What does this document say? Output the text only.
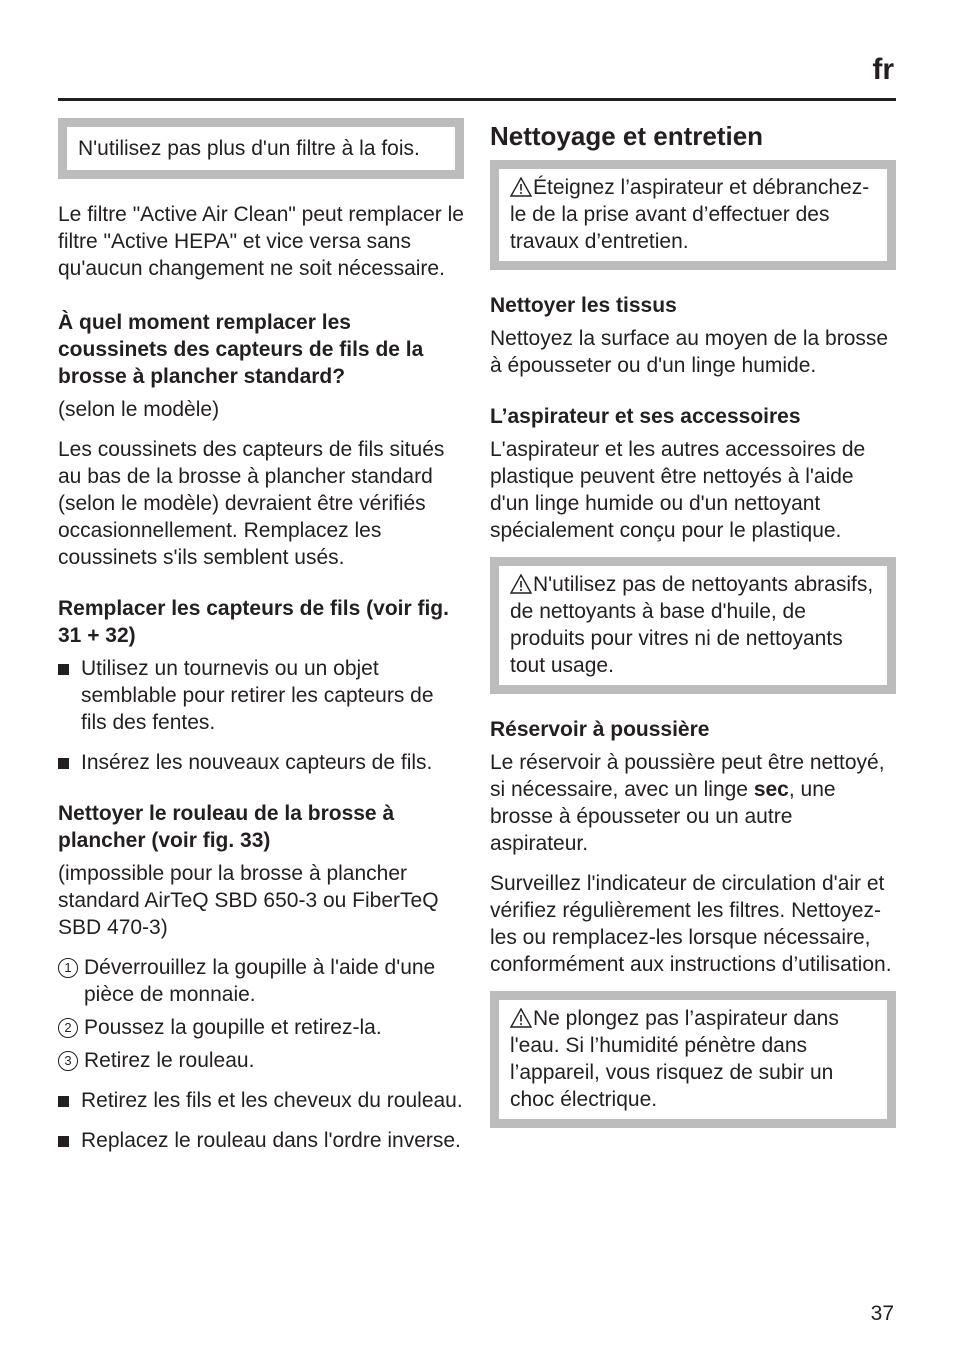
fr

N'utilisez pas plus d'un filtre à la fois.

Le filtre "Active Air Clean" peut remplacer le filtre "Active HEPA" et vice versa sans qu'aucun changement ne soit nécessaire.

À quel moment remplacer les coussinets des capteurs de fils de la brosse à plancher standard?

(selon le modèle)

Les coussinets des capteurs de fils situés au bas de la brosse à plancher standard (selon le modèle) devraient être vérifiés occasionnellement. Remplacez les coussinets s'ils semblent usés.

Remplacer les capteurs de fils (voir fig. 31 + 32)
Utilisez un tournevis ou un objet semblable pour retirer les capteurs de fils des fentes.
Insérez les nouveaux capteurs de fils.
Nettoyer le rouleau de la brosse à plancher (voir fig. 33)

(impossible pour la brosse à plancher standard AirTeQ SBD 650-3 ou FiberTeQ SBD 470-3)

1 Déverrouillez la goupille à l'aide d'une pièce de monnaie.
2 Poussez la goupille et retirez-la.
3 Retirez le rouleau.
Retirez les fils et les cheveux du rouleau.
Replacez le rouleau dans l'ordre inverse.
Nettoyage et entretien

Éteignez l’aspirateur et débranchez-le de la prise avant d’effectuer des travaux d’entretien.

Nettoyer les tissus

Nettoyez la surface au moyen de la brosse à épousseter ou d'un linge humide.

L’aspirateur et ses accessoires

L'aspirateur et les autres accessoires de plastique peuvent être nettoyés à l'aide d'un linge humide ou d'un nettoyant spécialement conçu pour le plastique.

N'utilisez pas de nettoyants abrasifs, de nettoyants à base d'huile, de produits pour vitres ni de nettoyants tout usage.

Réservoir à poussière

Le réservoir à poussière peut être nettoyé, si nécessaire, avec un linge sec, une brosse à épousseter ou un autre aspirateur.

Surveillez l'indicateur de circulation d'air et vérifiez régulièrement les filtres. Nettoyez-les ou remplacez-les lorsque nécessaire, conformément aux instructions d’utilisation.

Ne plongez pas l’aspirateur dans l'eau. Si l’humidité pénètre dans l’appareil, vous risquez de subir un choc électrique.

37
